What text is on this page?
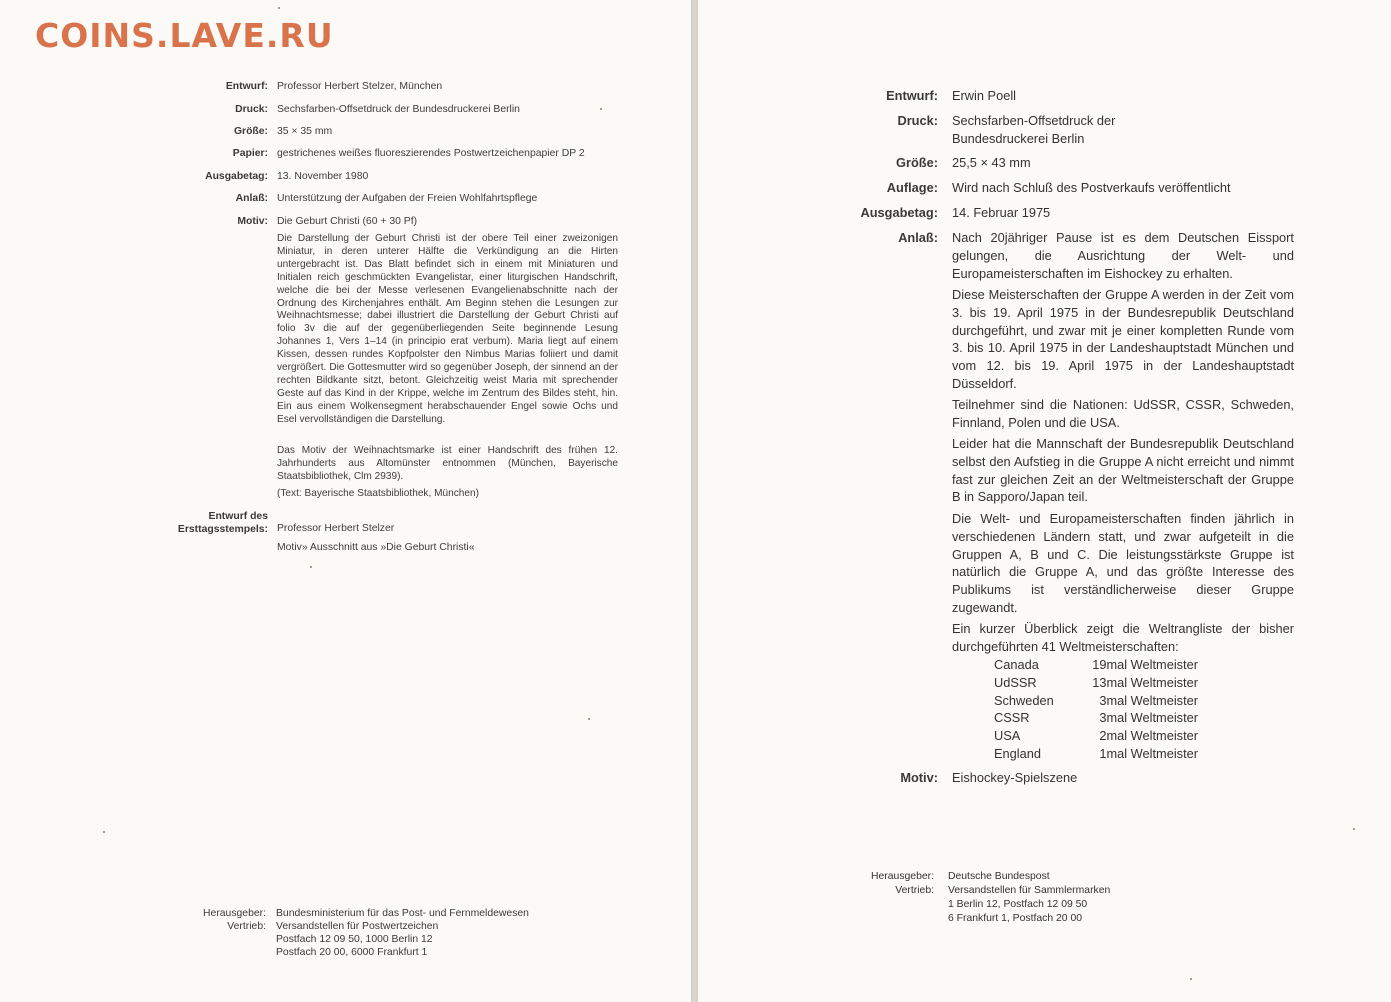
COINS.LAVE.RU
Entwurf: Professor Herbert Stelzer, München
Druck: Sechsfarben-Offsetdruck der Bundesdruckerei Berlin
Größe: 35 × 35 mm
Papier: gestrichenes weißes fluoreszierendes Postwertzeichenpapier DP 2
Ausgabetag: 13. November 1980
Anlaß: Unterstützung der Aufgaben der Freien Wohlfahrtspflege
Motiv: Die Geburt Christi (60 + 30 Pf)
Die Darstellung der Geburt Christi ist der obere Teil einer zweizonigen Miniatur, in deren unterer Hälfte die Verkündigung an die Hirten untergebracht ist. Das Blatt befindet sich in einem mit Miniaturen und Initialen reich geschmückten Evangelistar, einer liturgischen Handschrift, welche die bei der Messe verlesenen Evangelienabschnitte nach der Ordnung des Kirchenjahres enthält. Am Beginn stehen die Lesungen zur Weihnachtsmesse; dabei illustriert die Darstellung der Geburt Christi auf folio 3v die auf der gegenüberliegenden Seite beginnende Lesung Johannes 1, Vers 1–14 (in principio erat verbum). Maria liegt auf einem Kissen, dessen rundes Kopfpolster den Nimbus Marias foliiert und damit vergrößert. Die Gottesmutter wird so gegenüber Joseph, der sinnend an der rechten Bildkante sitzt, betont. Gleichzeitig weist Maria mit sprechender Geste auf das Kind in der Krippe, welche im Zentrum des Bildes steht, hin. Ein aus einem Wolkensegment herabschauender Engel sowie Ochs und Esel vervollständigen die Darstellung.
Das Motiv der Weihnachtsmarke ist einer Handschrift des frühen 12. Jahrhunderts aus Altomünster entnommen (München, Bayerische Staatsbibliothek, Clm 2939).
(Text: Bayerische Staatsbibliothek, München)
Entwurf des Ersttagsstempels: Professor Herbert Stelzer
Motiv» Ausschnitt aus »Die Geburt Christi«
Herausgeber: Bundesministerium für das Post- und Fernmeldewesen
Vertrieb: Versandstellen für Postwertzeichen
Postfach 12 09 50, 1000 Berlin 12
Postfach 20 00, 6000 Frankfurt 1
Entwurf: Erwin Poell
Druck: Sechsfarben-Offsetdruck der Bundesdruckerei Berlin
Größe: 25,5 × 43 mm
Auflage: Wird nach Schluß des Postverkaufs veröffentlicht
Ausgabetag: 14. Februar 1975
Anlaß: Nach 20jähriger Pause ist es dem Deutschen Eissport gelungen, die Ausrichtung der Welt- und Europameisterschaften im Eishockey zu erhalten.
Diese Meisterschaften der Gruppe A werden in der Zeit vom 3. bis 19. April 1975 in der Bundesrepublik Deutschland durchgeführt, und zwar mit je einer kompletten Runde vom 3. bis 10. April 1975 in der Landeshauptstadt München und vom 12. bis 19. April 1975 in der Landeshauptstadt Düsseldorf.
Teilnehmer sind die Nationen: UdSSR, CSSR, Schweden, Finnland, Polen und die USA.
Leider hat die Mannschaft der Bundesrepublik Deutschland selbst den Aufstieg in die Gruppe A nicht erreicht und nimmt fast zur gleichen Zeit an der Weltmeisterschaft der Gruppe B in Sapporo/Japan teil.
Die Welt- und Europameisterschaften finden jährlich in verschiedenen Ländern statt, und zwar aufgeteilt in die Gruppen A, B und C. Die leistungsstärkste Gruppe ist natürlich die Gruppe A, und das größte Interesse des Publikums ist verständlicherweise dieser Gruppe zugewandt.
Ein kurzer Überblick zeigt die Weltrangliste der bisher durchgeführten 41 Weltmeisterschaften:
Canada	19mal Weltmeister
UdSSR	13mal Weltmeister
Schweden	3mal Weltmeister
CSSR	3mal Weltmeister
USA	2mal Weltmeister
England	1mal Weltmeister
Motiv: Eishockey-Spielszene
Herausgeber: Deutsche Bundespost
Vertrieb: Versandstellen für Sammlermarken
1 Berlin 12, Postfach 12 09 50
6 Frankfurt 1, Postfach 20 00
